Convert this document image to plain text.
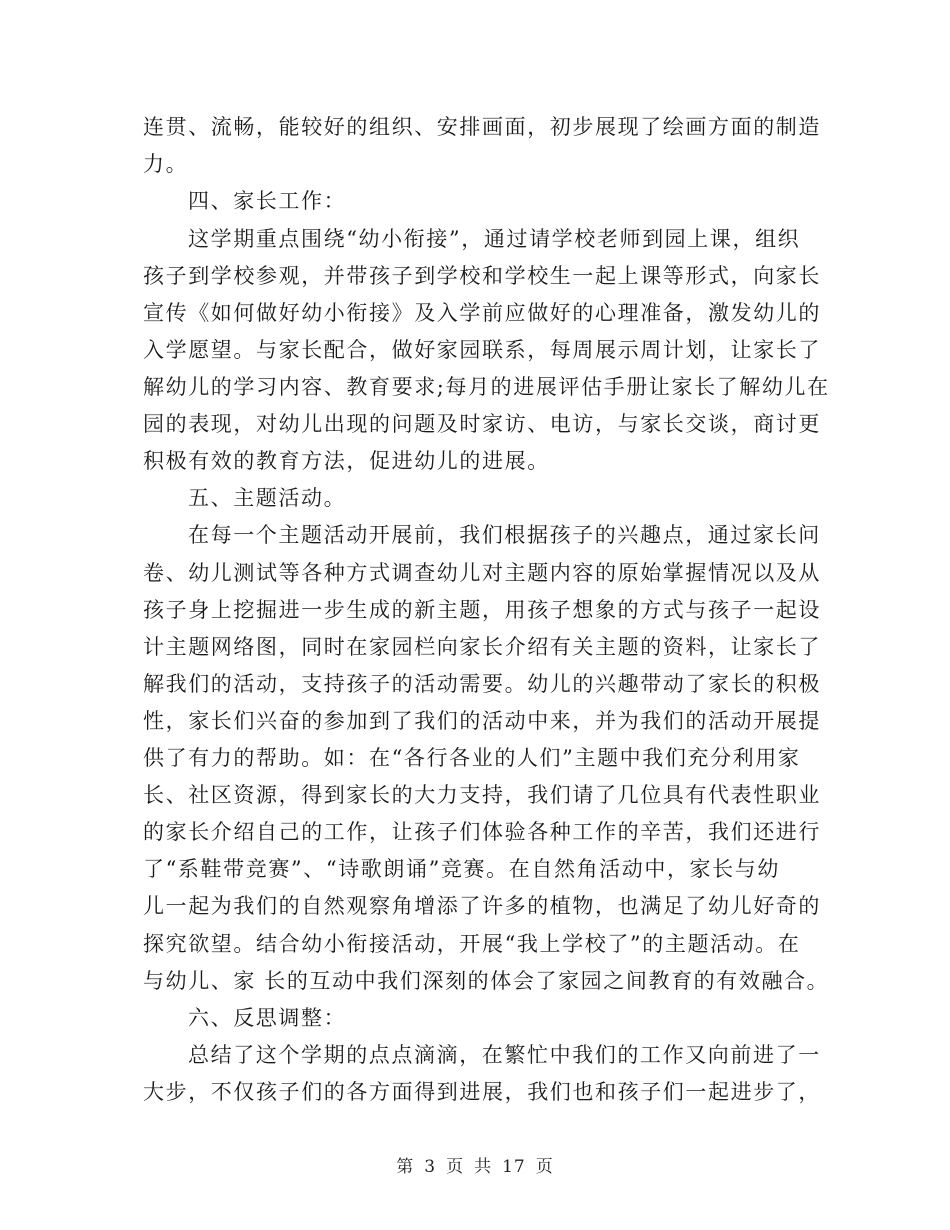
连贯、流畅，能较好的组织、安排画面，初步展现了绘画方面的制造
力。
四、家长工作：
这学期重点围绕“幼小衔接”，通过请学校老师到园上课，组织
孩子到学校参观，并带孩子到学校和学校生一起上课等形式，向家长
宣传《如何做好幼小衔接》及入学前应做好的心理准备，激发幼儿的
入学愿望。与家长配合，做好家园联系，每周展示周计划，让家长了
解幼儿的学习内容、教育要求;每月的进展评估手册让家长了解幼儿在
园的表现，对幼儿出现的问题及时家访、电访，与家长交谈，商讨更
积极有效的教育方法，促进幼儿的进展。
五、主题活动。
在每一个主题活动开展前，我们根据孩子的兴趣点，通过家长问
卷、幼儿测试等各种方式调查幼儿对主题内容的原始掌握情况以及从
孩子身上挖掘进一步生成的新主题，用孩子想象的方式与孩子一起设
计主题网络图，同时在家园栏向家长介绍有关主题的资料，让家长了
解我们的活动，支持孩子的活动需要。幼儿的兴趣带动了家长的积极
性，家长们兴奋的参加到了我们的活动中来，并为我们的活动开展提
供了有力的帮助。如：在“各行各业的人们”主题中我们充分利用家
长、社区资源，得到家长的大力支持，我们请了几位具有代表性职业
的家长介绍自己的工作，让孩子们体验各种工作的辛苦，我们还进行
了“系鞋带竞赛”、“诗歌朗诵”竞赛。在自然角活动中，家长与幼
儿一起为我们的自然观察角增添了许多的植物，也满足了幼儿好奇的
探究欲望。结合幼小衔接活动，开展“我上学校了”的主题活动。在
与幼儿、家 长的互动中我们深刻的体会了家园之间教育的有效融合。
六、反思调整：
总结了这个学期的点点滴滴，在繁忙中我们的工作又向前进了一
大步，不仅孩子们的各方面得到进展，我们也和孩子们一起进步了，
第 3 页 共 17 页
